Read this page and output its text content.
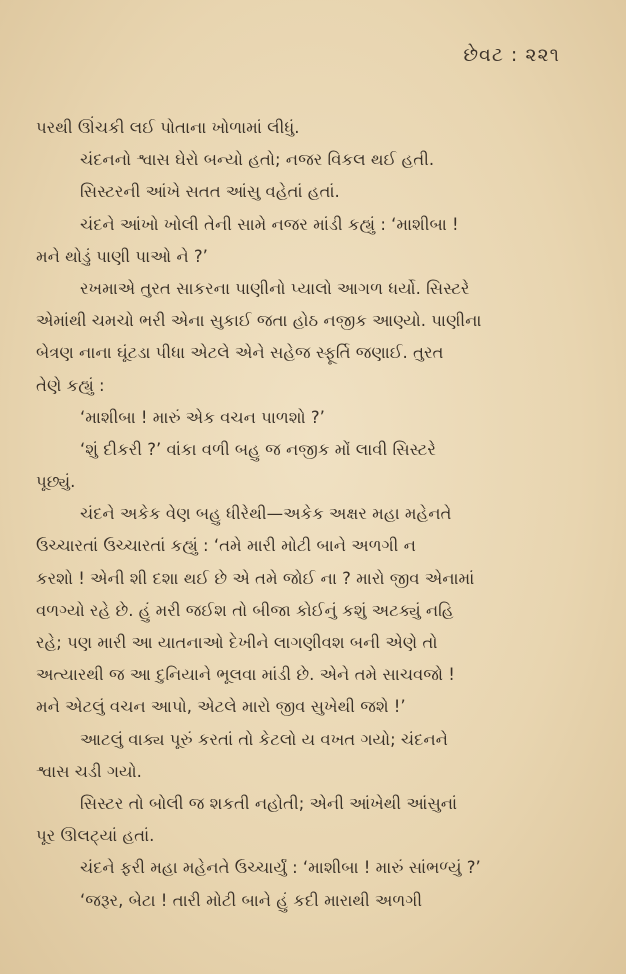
છેવટ : ૨૨૧
પરથી ઊંચકી લઈ પોતાના ખોળામાં લીધું.
ચંદનનો શ્વાસ ઘેરો બન્યો હતો; નજર વિકલ થઈ હતી.
સિસ્ટરની આંખે સતત આંસુ વહેતાં હતાં.
ચંદને આંખો ખોલી તેની સામે નજર માંડી કહ્યું : ‘માશીબા !
મને થોડું પાણી પાઓ ને ?’
રખમાએ તુરત સાકરના પાણીનો પ્યાલો આગળ ધર્યો. સિસ્ટરે
એમાંથી ચમચો ભરી એના સુકાઈ જતા હોઠ નજીક આણ્યો. પાણીના
બેત્રણ નાના ઘૂંટડા પીધા એટલે એને સહેજ સ્ફૂર્તિ જણાઈ. તુરત
તેણે કહ્યું :
‘માશીબા ! મારું એક વચન પાળશો ?’
‘શું દીકરી ?’ વાંકા વળી બહુ જ નજીક મોં લાવી સિસ્ટરે
પૂછ્યું.
ચંદને અકેક વેણ બહુ ધીરેથી—અકેક અક્ષર મહા મહેનતે
ઉચ્ચારતાં ઉચ્ચારતાં કહ્યું : ‘તમે મારી મોટી બાને અળગી ન
કરશો ! એની શી દશા થઈ છે એ તમે જોઈ ના ? મારો જીવ એનામાં
વળગ્યો રહે છે. હું મરી જઈશ તો બીજા કોઈનું કશું અટક્યું નહિ
રહે; પણ મારી આ યાતનાઓ દેખીને લાગણીવશ બની એણે તો
અત્યારથી જ આ દુનિયાને ભૂલવા માંડી છે. એને તમે સાચવજો !
મને એટલું વચન આપો, એટલે મારો જીવ સુખેથી જશે !’
આટલું વાક્ય પૂરું કરતાં તો કેટલો ય વખત ગયો; ચંદનને
શ્વાસ ચડી ગયો.
સિસ્ટર તો બોલી જ શકતી નહોતી; એની આંખેથી આંસુનાં
પૂર ઊલટ્યાં હતાં.
ચંદને ફરી મહા મહેનતે ઉચ્ચાર્યું : ‘માશીબા ! મારું સાંભળ્યું ?’
‘જરૂર, બેટા ! તારી મોટી બાને હું કદી મારાથી અળગી
